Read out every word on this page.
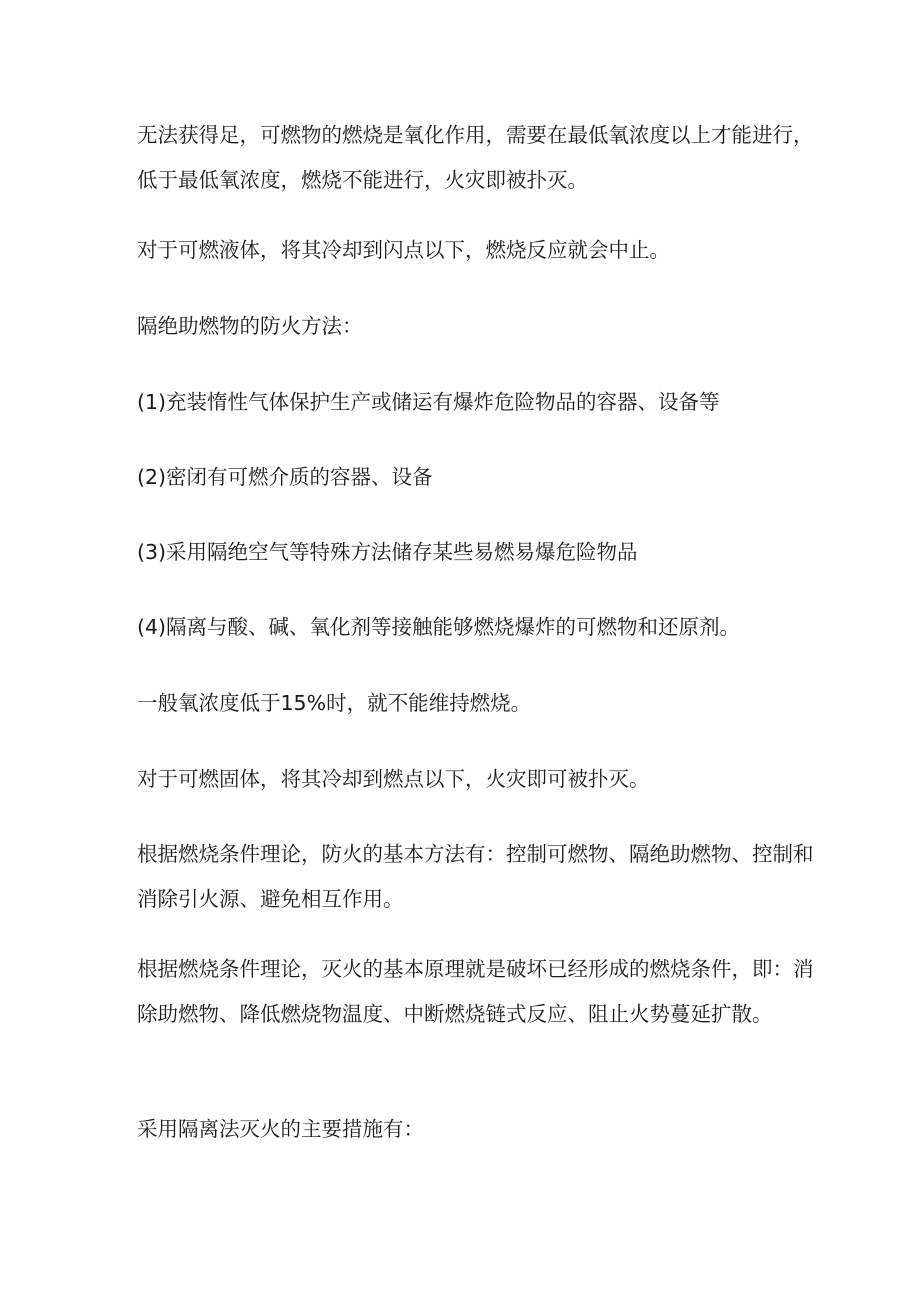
无法获得足，可燃物的燃烧是氧化作用，需要在最低氧浓度以上才能进行，低于最低氧浓度，燃烧不能进行，火灾即被扑灭。

对于可燃液体，将其冷却到闪点以下，燃烧反应就会中止。

隔绝助燃物的防火方法：

(1)充装惰性气体保护生产或储运有爆炸危险物品的容器、设备等

(2)密闭有可燃介质的容器、设备

(3)采用隔绝空气等特殊方法储存某些易燃易爆危险物品

(4)隔离与酸、碱、氧化剂等接触能够燃烧爆炸的可燃物和还原剂。

一般氧浓度低于15%时，就不能维持燃烧。

对于可燃固体，将其冷却到燃点以下，火灾即可被扑灭。

根据燃烧条件理论，防火的基本方法有：控制可燃物、隔绝助燃物、控制和消除引火源、避免相互作用。

根据燃烧条件理论，灭火的基本原理就是破坏已经形成的燃烧条件，即：消除助燃物、降低燃烧物温度、中断燃烧链式反应、阻止火势蔓延扩散。

采用隔离法灭火的主要措施有：
